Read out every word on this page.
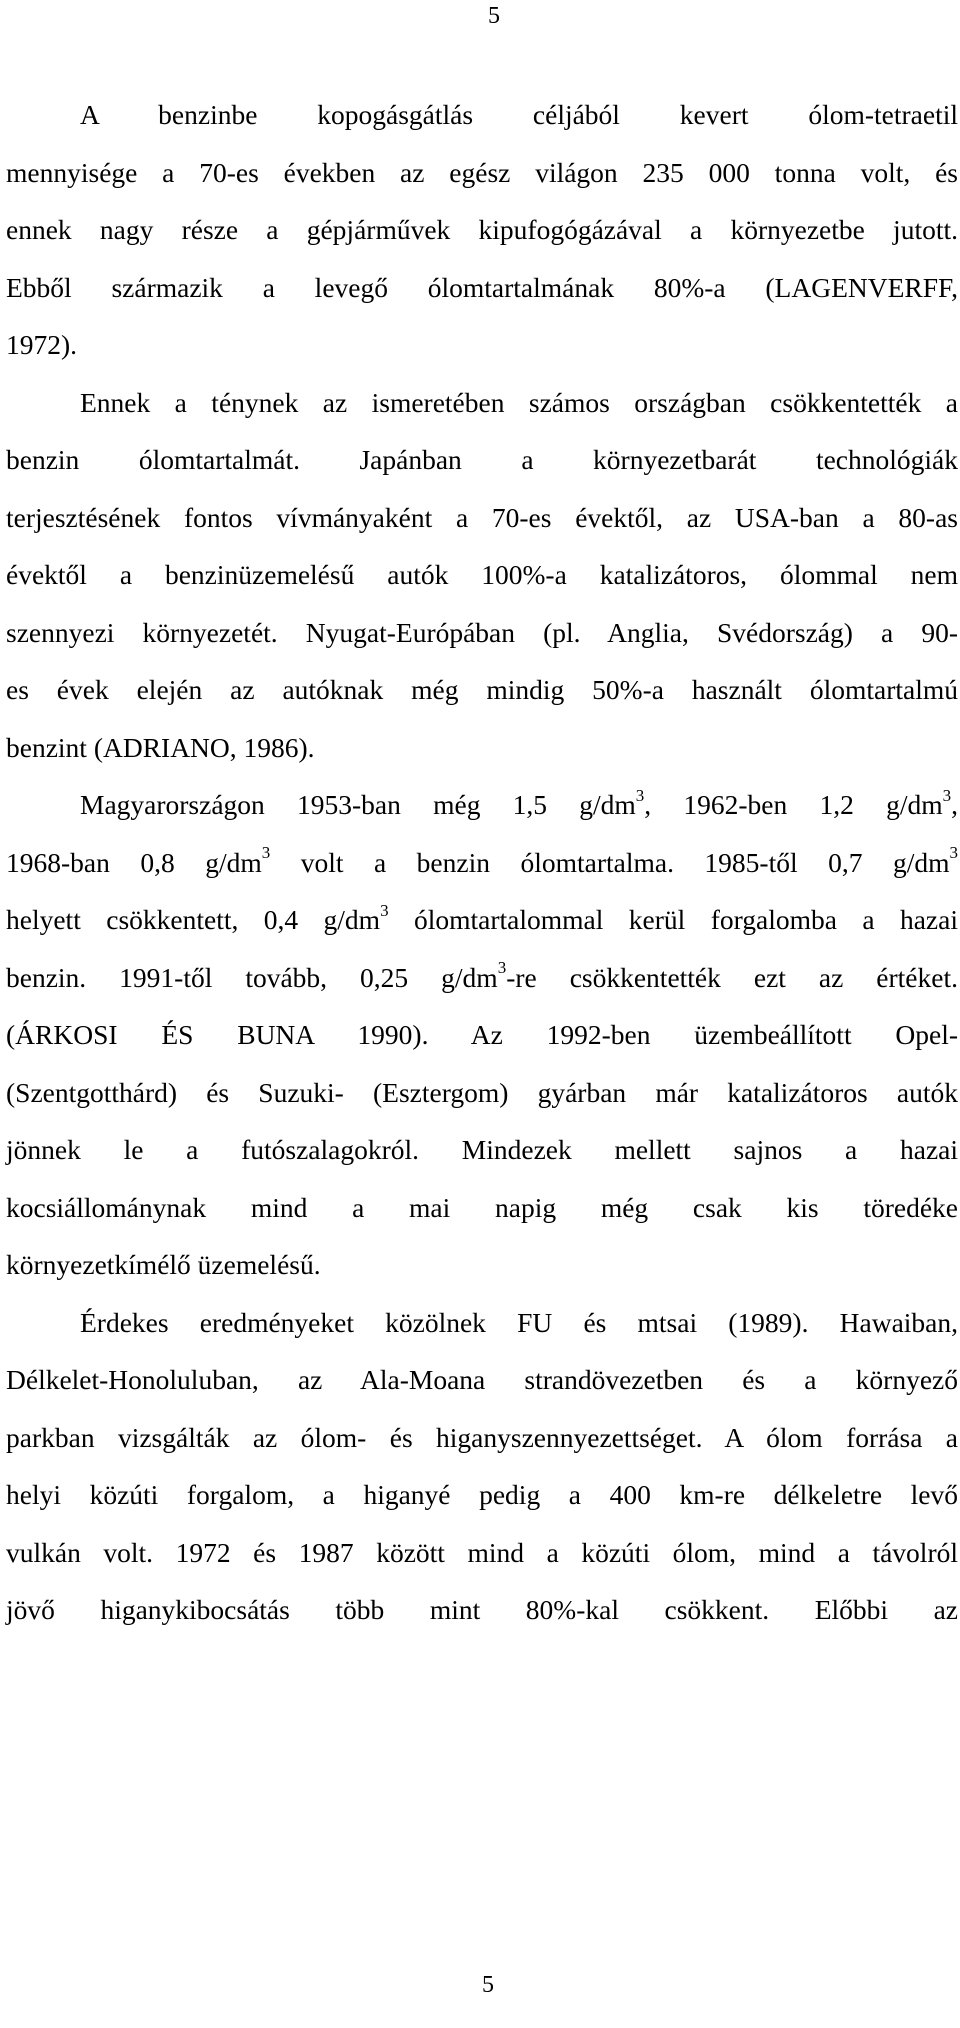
5
A benzinbe kopogásgátlás céljából kevert ólom-tetraetil
mennyisége a 70-es években az egész világon 235 000 tonna volt, és
ennek nagy része a gépjárművek kipufogógázával a környezetbe jutott.
Ebből származik a levegő ólomtartalmának 80%-a (LAGENVERFF,
1972).
Ennek a ténynek az ismeretében számos országban csökkentették a
benzin ólomtartalmát. Japánban a környezetbarát technológiák
terjesztésének fontos vívmányaként a 70-es évektől, az USA-ban a 80-as
évektől a benzinüzemelésű autók 100%-a katalizátoros, ólommal nem
szennyezi környezetét. Nyugat-Európában (pl. Anglia, Svédország) a 90-
es évek elején az autóknak még mindig 50%-a használt ólomtartalmú
benzint (ADRIANO, 1986).
Magyarországon 1953-ban még 1,5 $g/dm^3$, 1962-ben 1,2 $g/dm^3$,
1968-ban 0,8 $g/dm^3$ volt a benzin ólomtartalma. 1985-től 0,7 $g/dm^3$
helyett csökkentett, 0,4 $g/dm^3$ ólomtartalommal kerül forgalomba a hazai
benzin. 1991-től tovább, 0,25 $g/dm^3-re$ csökkentették ezt az értéket.
(ÁRKOSI ÉS BUNA 1990). Az 1992-ben üzembeállított Opel-
(Szentgotthárd) és Suzuki- (Esztergom) gyárban már katalizátoros autók
jönnek le a futószalagokról. Mindezek mellett sajnos a hazai
kocsiállománynak mind a mai napig még csak kis töredéke
környezetkímélő üzemelésű.
Érdekes eredményeket közölnek FU és mtsai (1989). Hawaiban,
Délkelet-Honoluluban, az Ala-Moana strandövezetben és a környező
parkban vizsgálták az ólom- és higanyszennyezettséget. A ólom forrása a
helyi közúti forgalom, a higanyé pedig a 400 km-re délkeletre levő
vulkán volt. 1972 és 1987 között mind a közúti ólom, mind a távolról
jövő higanykibocsátás több mint 80%-kal csökkent. Előbbi az
5
